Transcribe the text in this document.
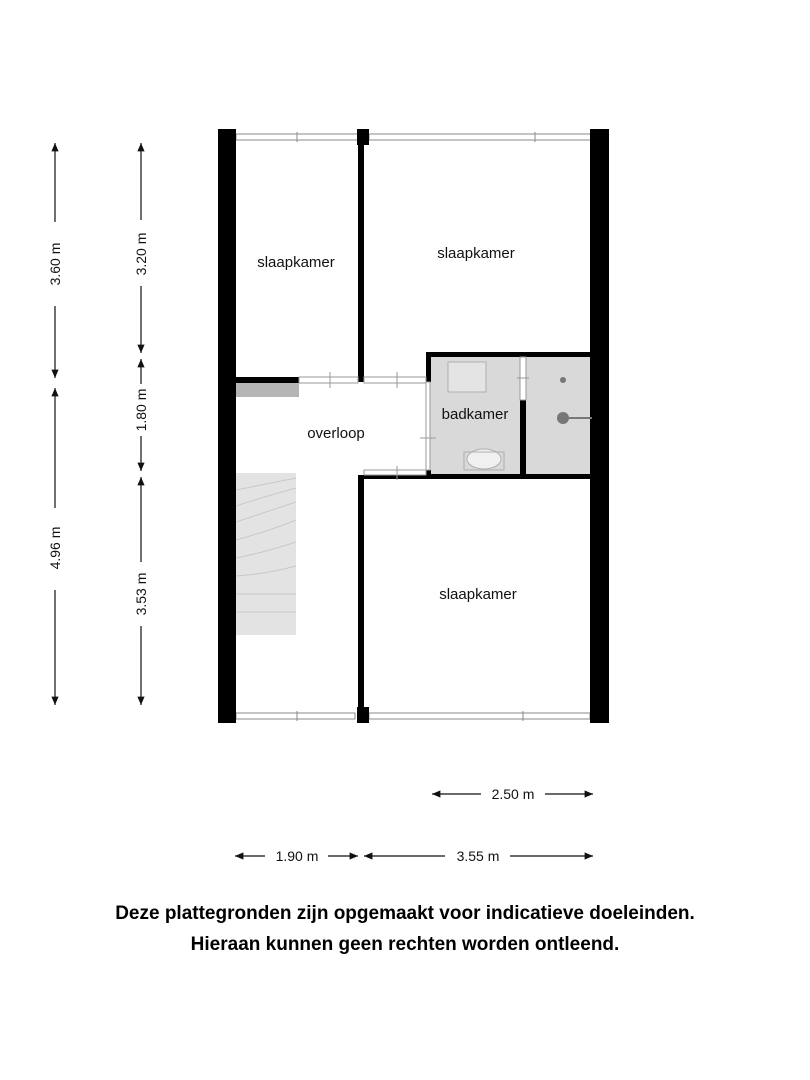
slaapkamer
slaapkamer
overloop
badkamer
slaapkamer
3.60 m
4.96 m
3.20 m
1.80 m
3.53 m
2.50 m
1.90 m	3.55 m
Deze plattegronden zijn opgemaakt voor indicatieve doeleinden.
Hieraan kunnen geen rechten worden ontleend.
